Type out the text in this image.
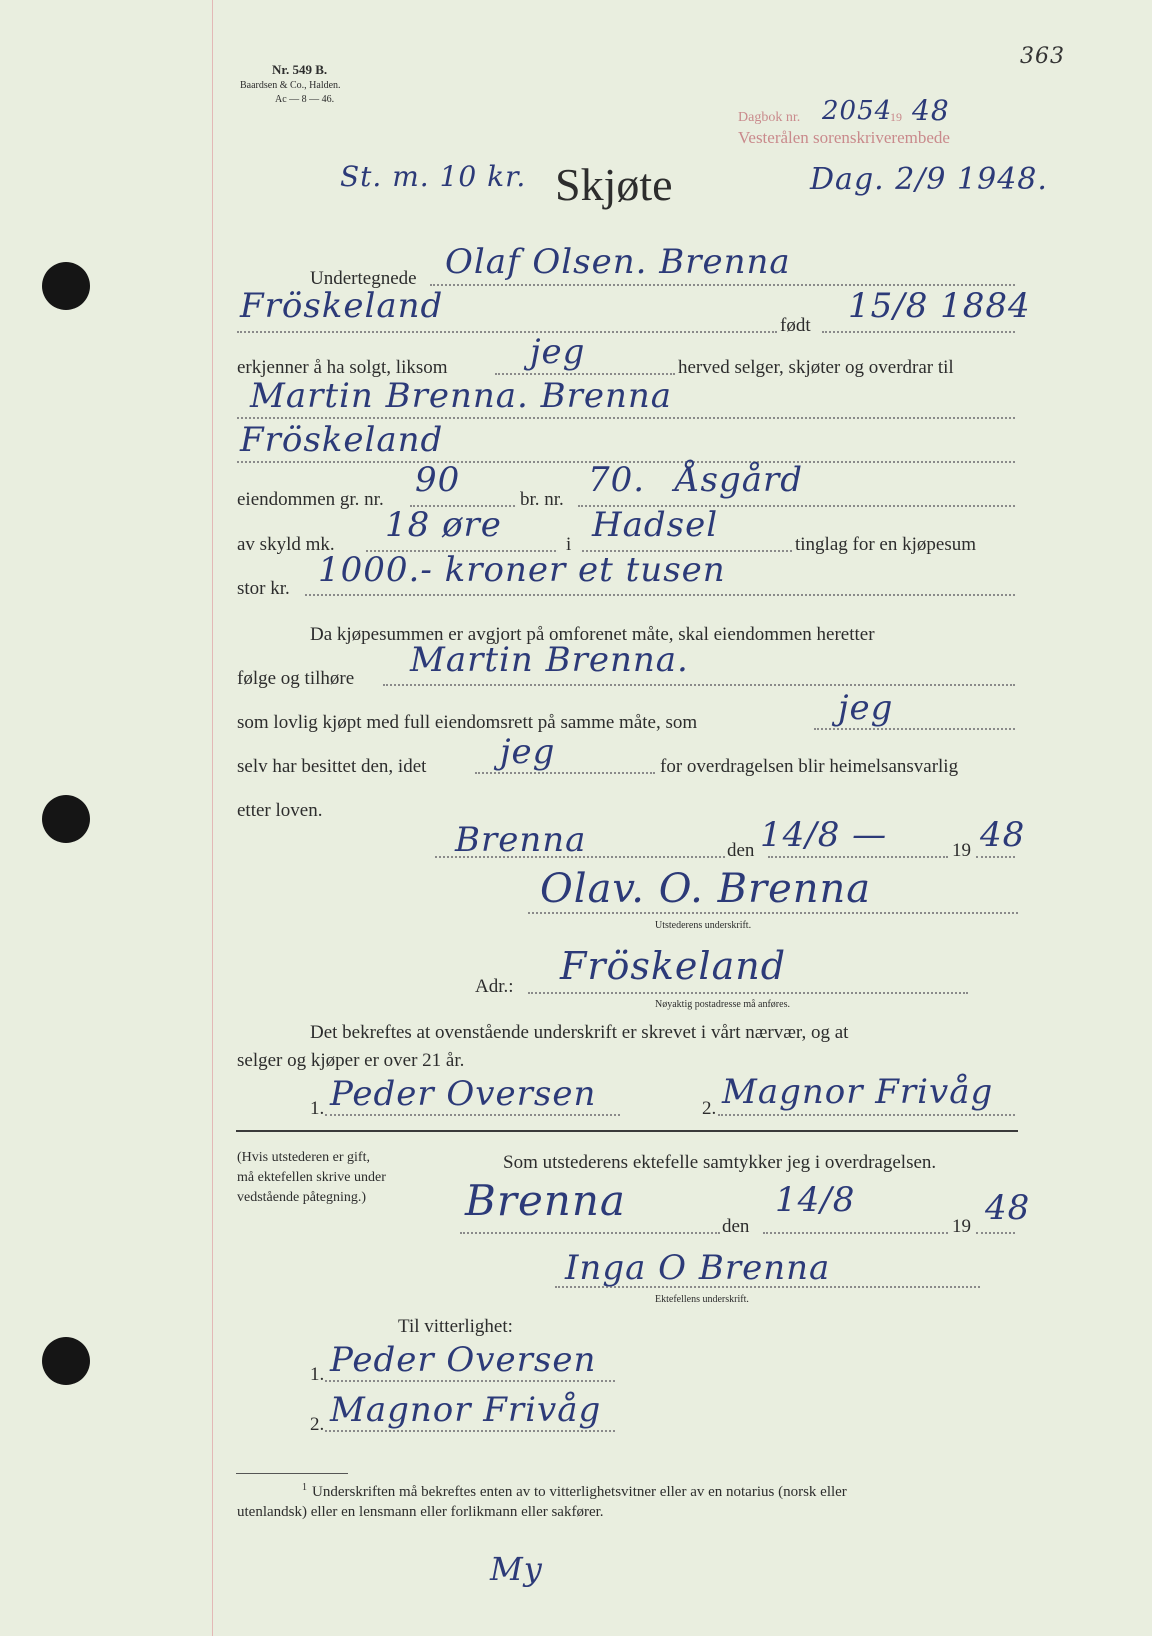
363
Nr. 549 B.
Baardsen & Co., Halden.
Ac — 8 — 46.
Dagbok nr. 2054
19 48
Vesterålen sorenskriverembede
St. m. 10 kr.	Dag. 2/9 1948.
Skjøte
Undertegnede Olaf Olsen. Brenna
Fröskeland	født 15/8 1884
erkjenner å ha solgt, liksom jeg	herved selger, skjøter og overdrar til
Martin Brenna. Brenna
Fröskeland
eiendommen gr. nr. 90	br. nr. 70. Åsgård
av skyld mk. 18 øre	i Hadsel	tinglag for en kjøpesum
stor kr. 1000.- kroner et tusen
Da kjøpesummen er avgjort på omforenet måte, skal eiendommen heretter
følge og tilhøre Martin Brenna.
som lovlig kjøpt med full eiendomsrett på samme måte, som	jeg
selv har besittet den, idet jeg	for overdragelsen blir heimelsansvarlig
etter loven.
Brenna	den 14/8 —	19 48
Olav. O. Brenna
Utstederens underskrift.
Adr.: Fröskeland
Nøyaktig postadresse må anføres.
Det bekreftes at ovenstående underskrift er skrevet i vårt nærvær, og at
selger og kjøper er over 21 år.
1. Peder Oversen	2. Magnor Frivåg
(Hvis utstederen er gift,
må ektefellen skrive under
vedstående påtegning.)
Som utstederens ektefelle samtykker jeg i overdragelsen.
Brenna
den
14/8
19 48
Inga O Brenna
Ektefellens underskrift.
Til vitterlighet:
1. Peder Oversen
2. Magnor Frivåg
1 Underskriften må bekreftes enten av to vitterlighetsvitner eller av en notarius (norsk eller
utenlandsk) eller en lensmann eller forlikmann eller sakfører.
My
